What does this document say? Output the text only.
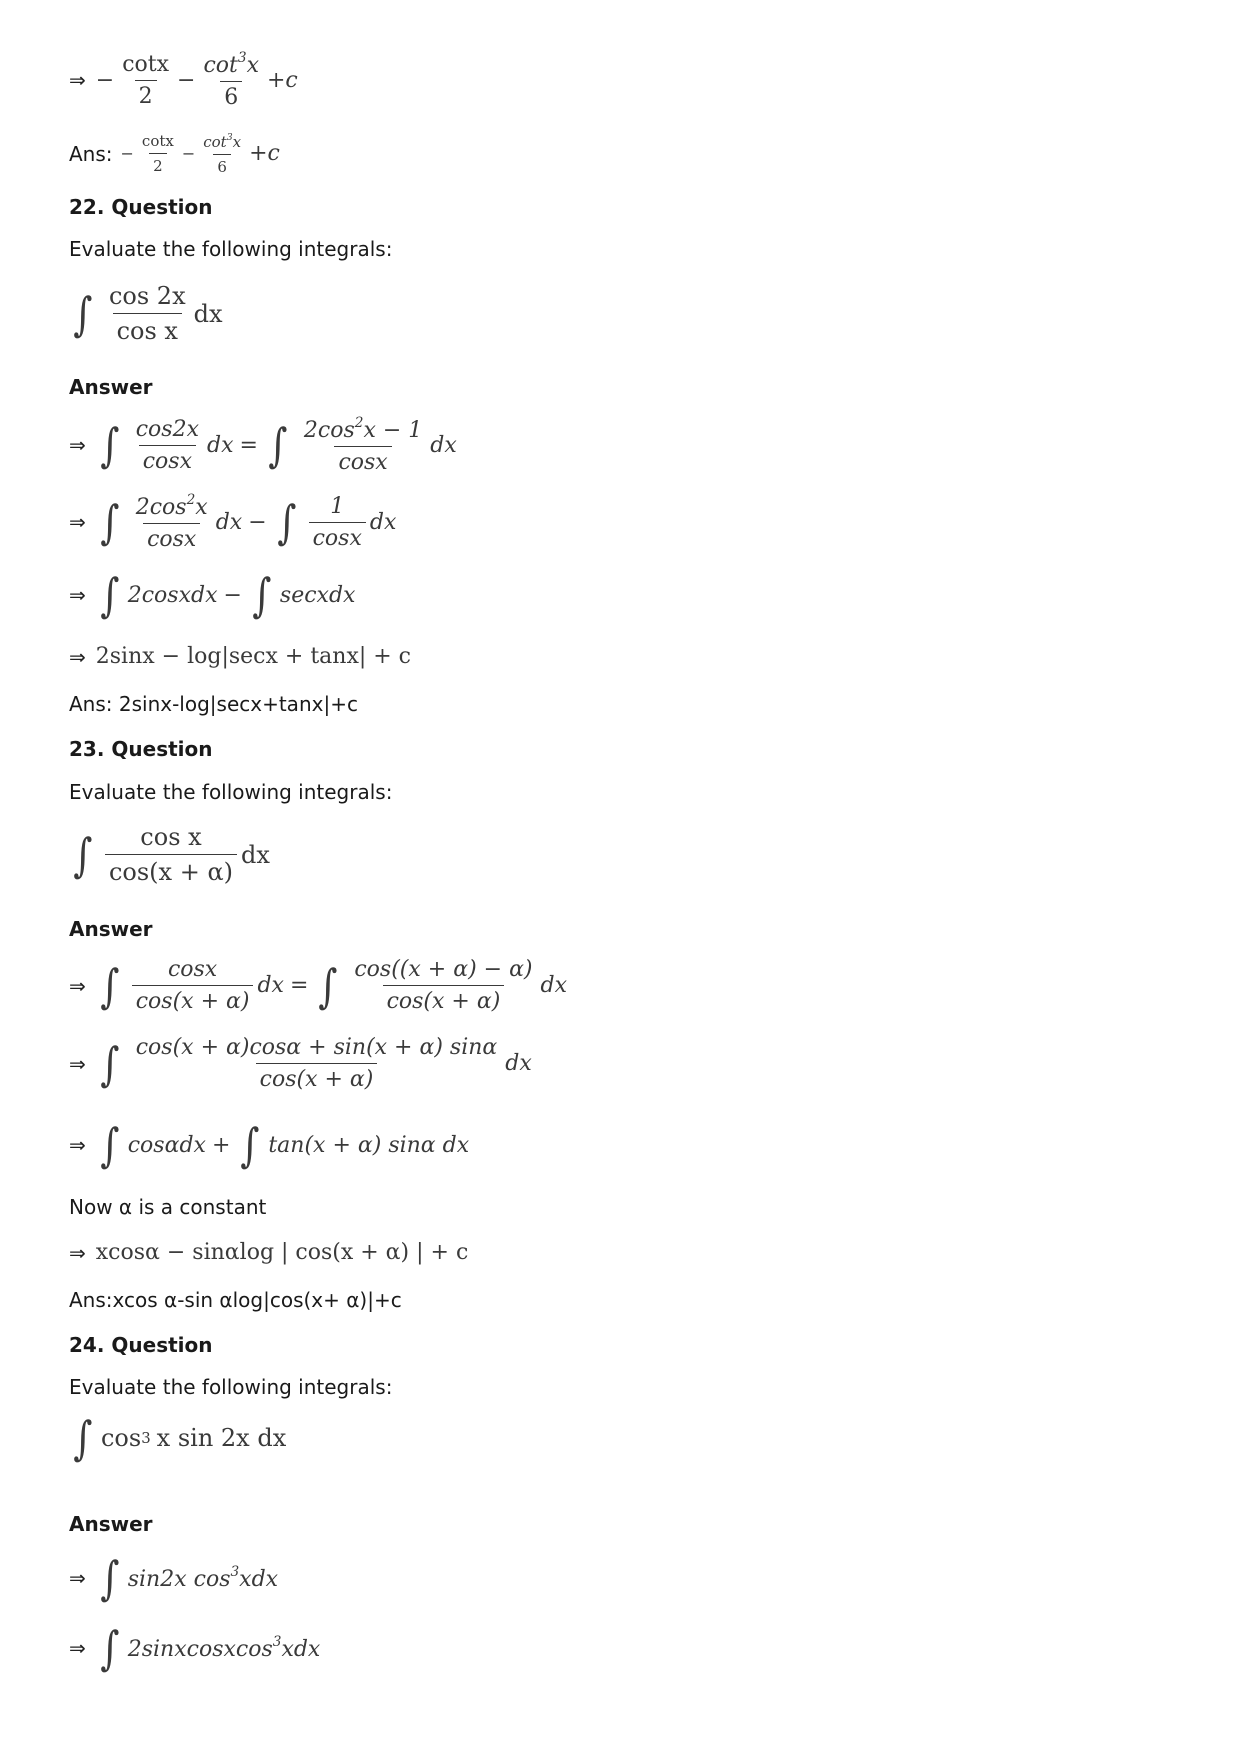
⇒ − $\frac{\cot x}{2} - \frac{\cot^3x}{6} +c$
Ans: − $\frac{\cot x}{2} - \frac{\cot^3x}{6} +c$
22. Question
Evaluate the following integrals:
∫ $\frac{\cos 2x}{\text{cos x}}$ dx
Answer
⇒ ∫ $\frac{\cos 2x}{\cos x}$ dx = ∫ $\frac{2\cos^2x - 1}{\cos x}$ dx
⇒ ∫ $\frac{2\cos^2x}{\cos x}$ dx − ∫ $\frac{1}{\cos x}$ dx
⇒ ∫ 2cosxdx − ∫ secxdx
⇒ 2sinx − log|secx + tanx| + c
Ans: 2sinx-log|secx+tanx|+c
23. Question
Evaluate the following integrals:
∫ $\frac{\text{cos x}}{\cos(x + \alpha)}$ dx
Answer
⇒ ∫ $\frac{\cos x}{\cos(x + \alpha)}$ dx = ∫ $\frac{\cos((x + \alpha) - \alpha)}{\cos(x + \alpha)}$ dx
⇒ ∫ $\frac{\cos(x + \alpha)\cos\alpha + \sin(x + \alpha) \sin\alpha}{\cos(x + \alpha)}$ dx
⇒ ∫ cosαdx + ∫ tan(x + α) sinα dx
Now α is a constant
⇒ xcosα − sinαlog | cos(x + α) | + c
Ans:xcos α-sin αlog|cos(x+ α)|+c
24. Question
Evaluate the following integrals:
∫ cos 3 x sin 2x dx
Answer
⇒ ∫ sin2x $\cos^3xdx$
⇒ ∫ 2sinxcosxcos$^3$xdx
